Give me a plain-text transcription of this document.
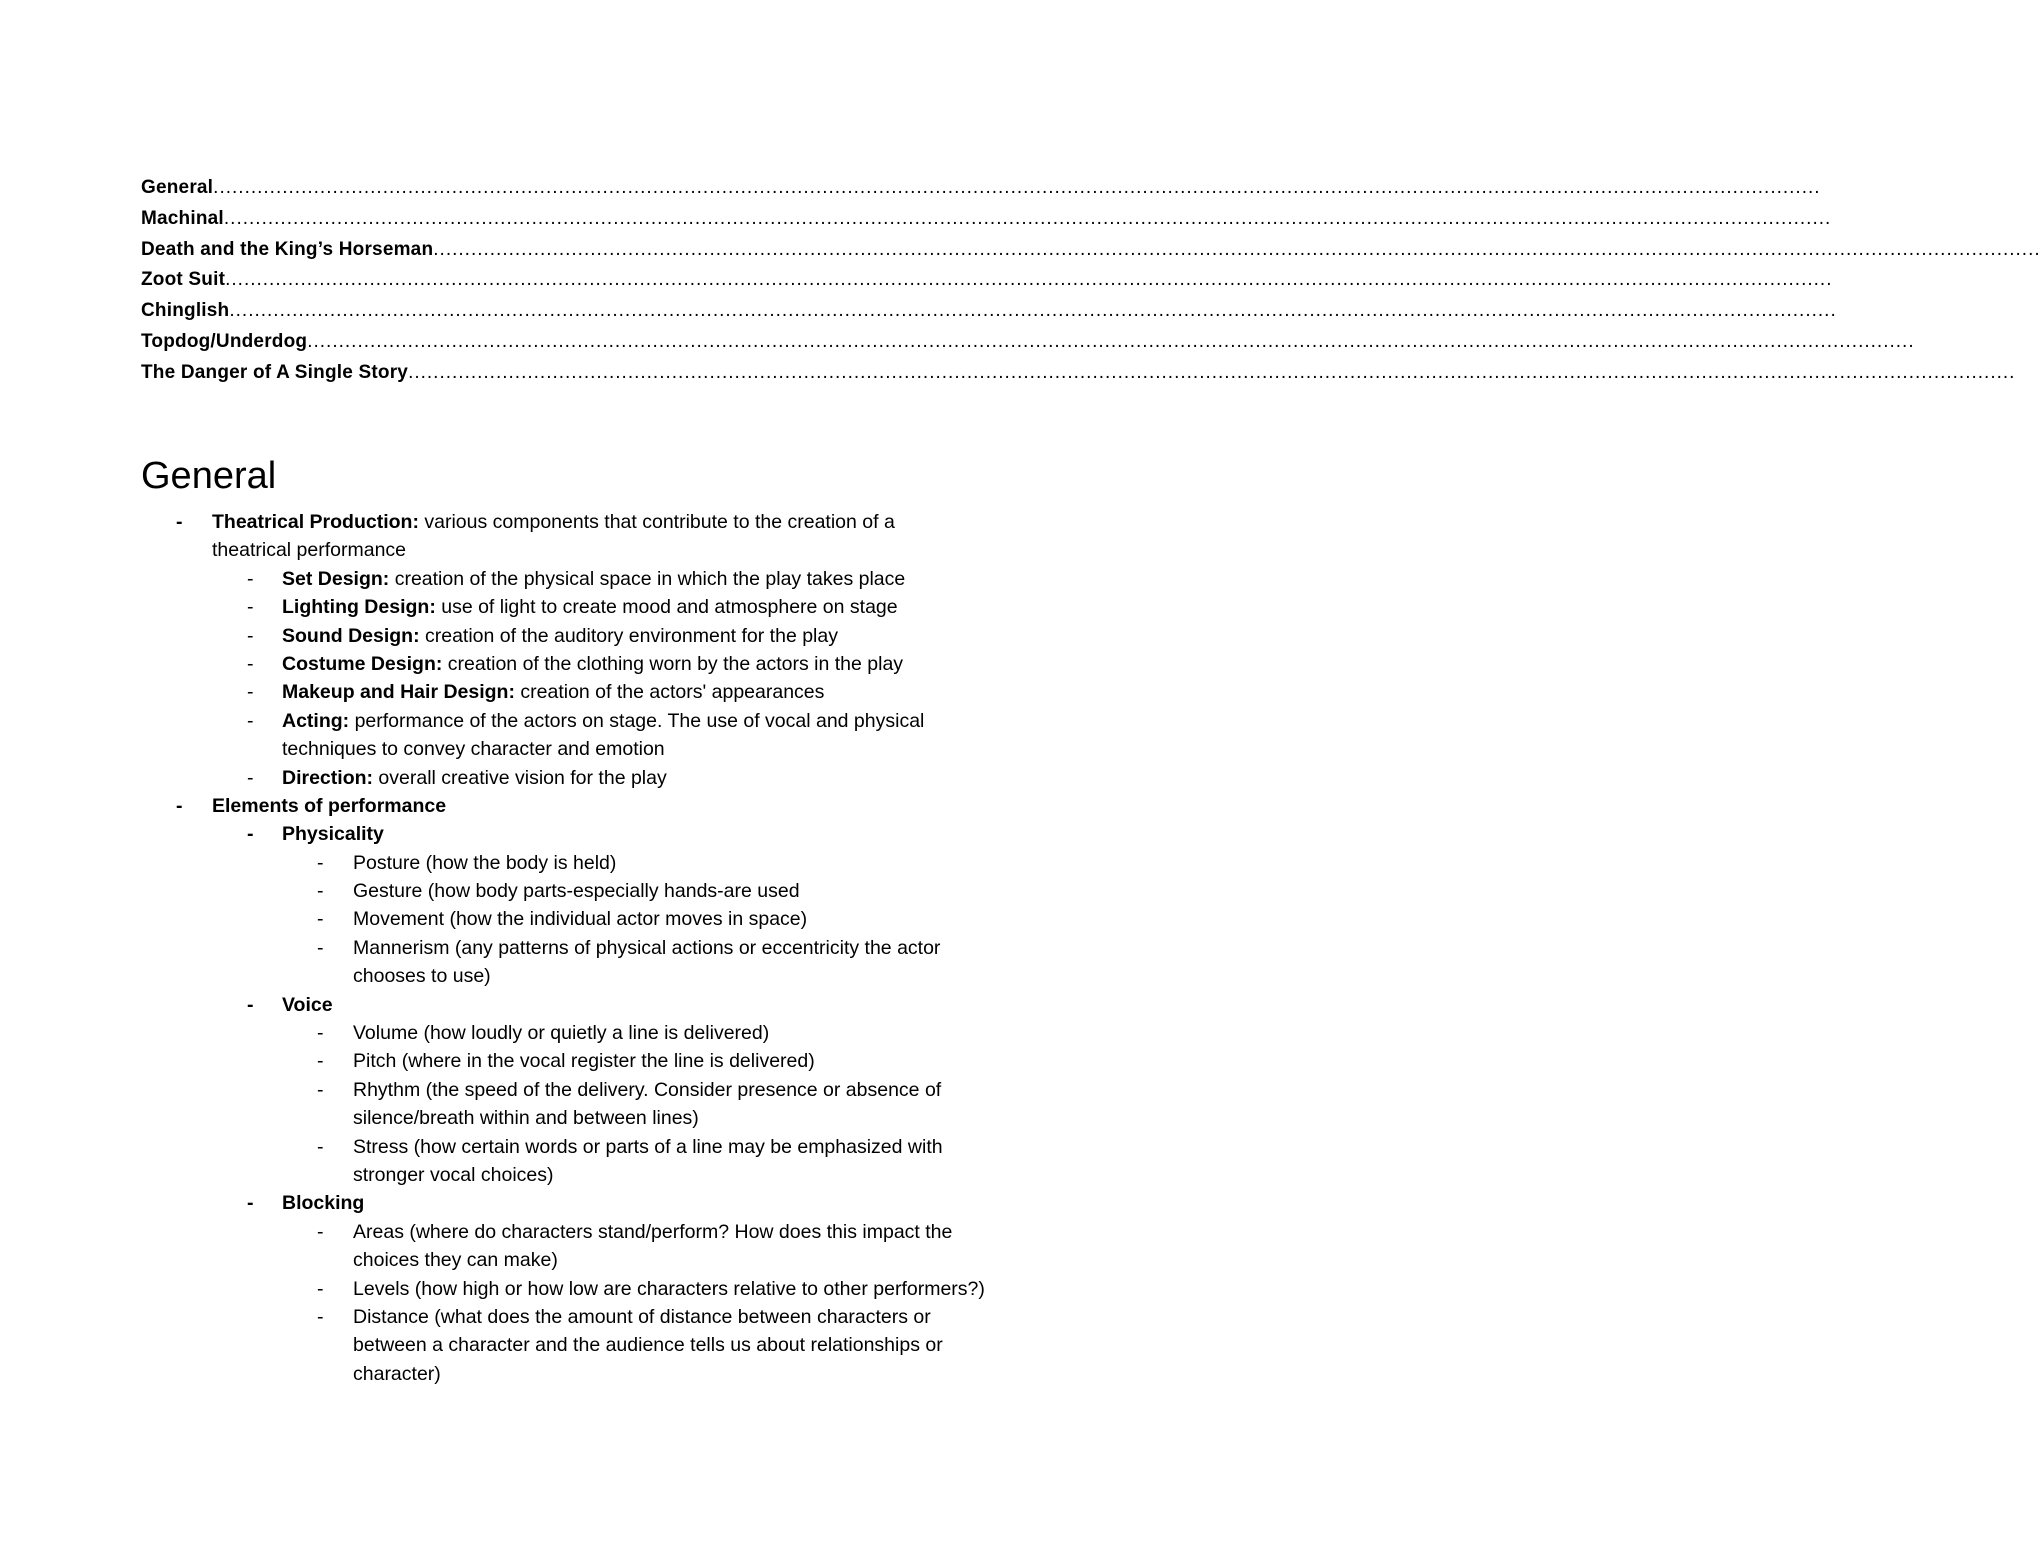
General ................................................................................................................................................................................................................................................................
Machinal ................................................................................................................................................................................................................................................................
Death and the King’s Horseman ................................................................................................................................................................................................................................................................
Zoot Suit ................................................................................................................................................................................................................................................................
Chinglish ................................................................................................................................................................................................................................................................
Topdog/Underdog ................................................................................................................................................................................................................................................................
The Danger of A Single Story ................................................................................................................................................................................................................................................................
General
- Theatrical Production: various components that contribute to the creation of a
theatrical performance
- Set Design: creation of the physical space in which the play takes place
- Lighting Design: use of light to create mood and atmosphere on stage
- Sound Design: creation of the auditory environment for the play
- Costume Design: creation of the clothing worn by the actors in the play
- Makeup and Hair Design: creation of the actors' appearances
- Acting: performance of the actors on stage. The use of vocal and physical
techniques to convey character and emotion
- Direction: overall creative vision for the play
- Elements of performance
- Physicality
- Posture (how the body is held)
- Gesture (how body parts-especially hands-are used
- Movement (how the individual actor moves in space)
- Mannerism (any patterns of physical actions or eccentricity the actor
chooses to use)
- Voice
- Volume (how loudly or quietly a line is delivered)
- Pitch (where in the vocal register the line is delivered)
- Rhythm (the speed of the delivery. Consider presence or absence of
silence/breath within and between lines)
- Stress (how certain words or parts of a line may be emphasized with
stronger vocal choices)
- Blocking
- Areas (where do characters stand/perform? How does this impact the
choices they can make)
- Levels (how high or how low are characters relative to other performers?)
- Distance (what does the amount of distance between characters or
between a character and the audience tells us about relationships or
character)
